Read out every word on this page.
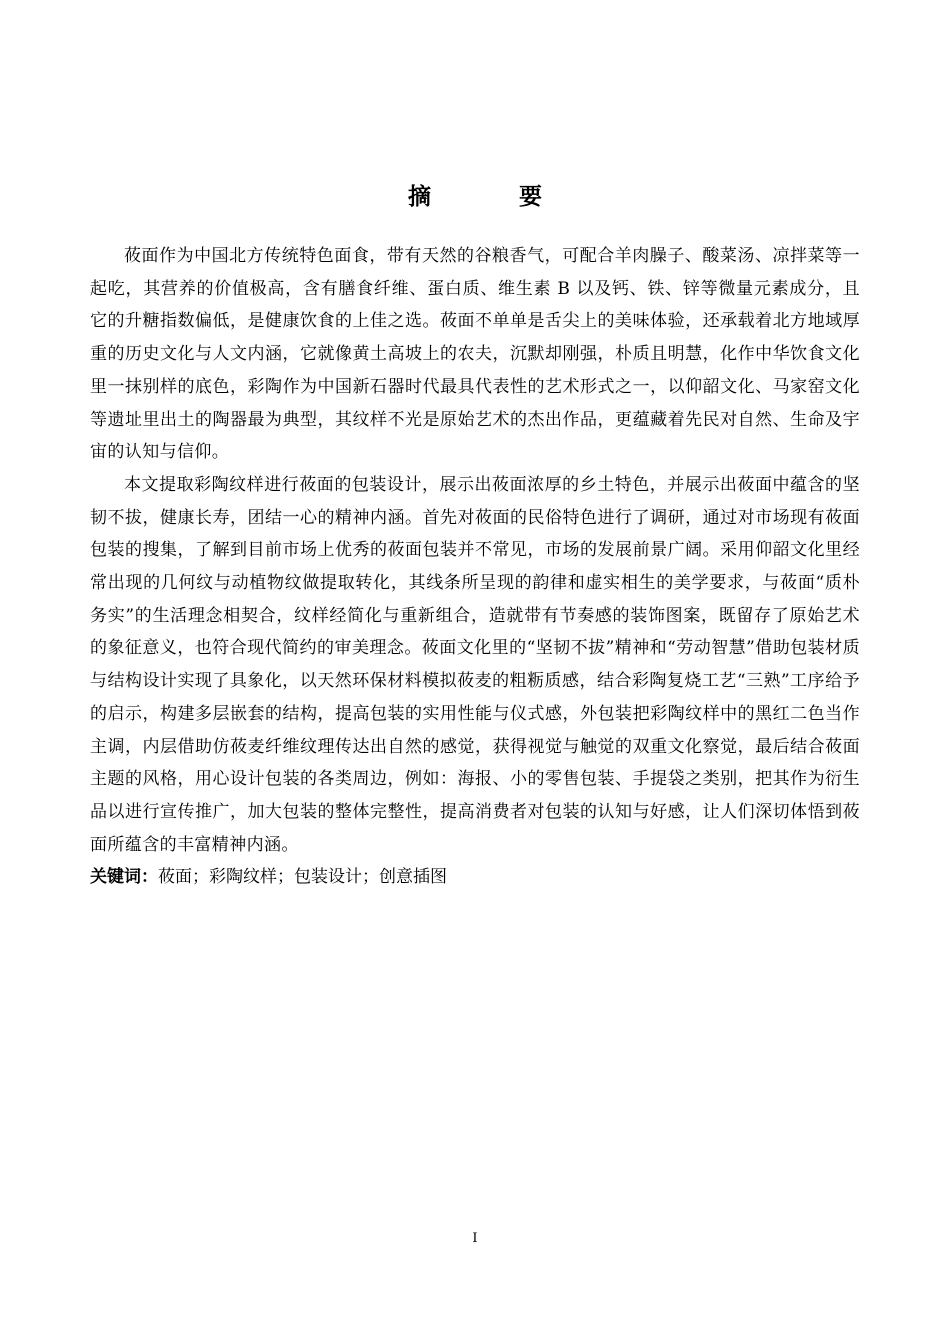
摘 要

莜面作为中国北方传统特色面食，带有天然的谷粮香气，可配合羊肉臊子、酸菜汤、凉拌菜等一起吃，其营养的价值极高，含有膳食纤维、蛋白质、维生素 B 以及钙、铁、锌等微量元素成分，且它的升糖指数偏低，是健康饮食的上佳之选。莜面不单单是舌尖上的美味体验，还承载着北方地域厚重的历史文化与人文内涵，它就像黄土高坡上的农夫，沉默却刚强，朴质且明慧，化作中华饮食文化里一抹别样的底色，彩陶作为中国新石器时代最具代表性的艺术形式之一，以仰韶文化、马家窑文化等遗址里出土的陶器最为典型，其纹样不光是原始艺术的杰出作品，更蕴藏着先民对自然、生命及宇宙的认知与信仰。

本文提取彩陶纹样进行莜面的包装设计，展示出莜面浓厚的乡土特色，并展示出莜面中蕴含的坚韧不拔，健康长寿，团结一心的精神内涵。首先对莜面的民俗特色进行了调研，通过对市场现有莜面包装的搜集，了解到目前市场上优秀的莜面包装并不常见，市场的发展前景广阔。采用仰韶文化里经常出现的几何纹与动植物纹做提取转化，其线条所呈现的韵律和虚实相生的美学要求，与莜面“质朴务实”的生活理念相契合，纹样经简化与重新组合，造就带有节奏感的装饰图案，既留存了原始艺术的象征意义，也符合现代简约的审美理念。莜面文化里的“坚韧不拔”精神和“劳动智慧”借助包装材质与结构设计实现了具象化，以天然环保材料模拟莜麦的粗粝质感，结合彩陶复烧工艺“三熟”工序给予的启示，构建多层嵌套的结构，提高包装的实用性能与仪式感，外包装把彩陶纹样中的黑红二色当作主调，内层借助仿莜麦纤维纹理传达出自然的感觉，获得视觉与触觉的双重文化察觉，最后结合莜面主题的风格，用心设计包装的各类周边，例如：海报、小的零售包装、手提袋之类别，把其作为衍生品以进行宣传推广，加大包装的整体完整性，提高消费者对包装的认知与好感，让人们深切体悟到莜面所蕴含的丰富精神内涵。

关键词：莜面；彩陶纹样；包装设计；创意插图

I
